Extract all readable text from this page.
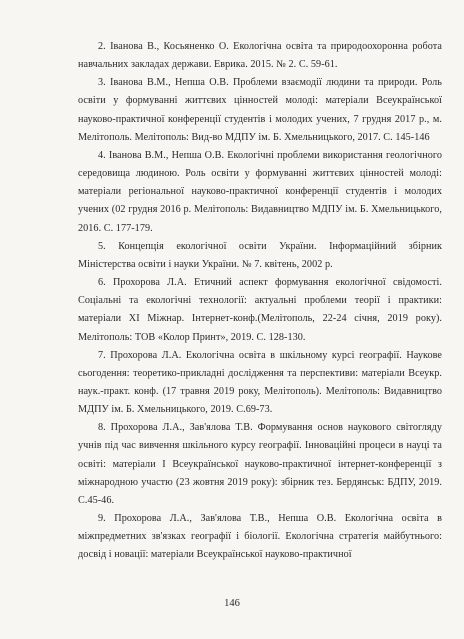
2. Іванова В., Косьяненко О. Екологічна освіта та природоохоронна робота навчальних закладах держави. Еврика. 2015. № 2. С. 59-61.

3. Іванова В.М., Непша О.В. Проблеми взаємодії людини та природи. Роль освіти у формуванні життєвих цінностей молоді: матеріали Всеукраїнської науково-практичної конференції студентів і молодих учених, 7 грудня 2017 р., м. Мелітополь. Мелітополь: Вид-во МДПУ ім. Б. Хмельницького, 2017. С. 145-146

4. Іванова В.М., Непша О.В. Екологічні проблеми використання геологічного середовища людиною. Роль освіти у формуванні життєвих цінностей молоді: матеріали регіональної науково-практичної конференції студентів і молодих учених (02 грудня 2016 р. Мелітополь: Видавництво МДПУ ім. Б. Хмельницького, 2016. С. 177-179.

5. Концепція екологічної освіти України. Інформаційний збірник Міністерства освіти і науки України. № 7. квітень, 2002 р.

6. Прохорова Л.А. Етичний аспект формування екологічної свідомості. Соціальні та екологічні технології: актуальні проблеми теорії і практики: матеріали XI Міжнар. Інтернет-конф.(Мелітополь, 22-24 січня, 2019 року). Мелітополь: ТОВ «Колор Принт», 2019. С. 128-130.

7. Прохорова Л.А. Екологічна освіта в шкільному курсі географії. Наукове сьогодення: теоретико-прикладні дослідження та перспективи: матеріали Всеукр. наук.-практ. конф. (17 травня 2019 року, Мелітополь). Мелітополь: Видавництво МДПУ ім. Б. Хмельницького, 2019. С.69-73.

8. Прохорова Л.А., Зав'ялова Т.В. Формування основ наукового світогляду учнів під час вивчення шкільного курсу географії. Інноваційні процеси в науці та освіті: матеріали І Всеукраїнської науково-практичної інтернет-конференції з міжнародною участю (23 жовтня 2019 року): збірник тез. Бердянськ: БДПУ, 2019. С.45-46.

9. Прохорова Л.А., Зав'ялова Т.В., Непша О.В. Екологічна освіта в міжпредметних зв'язках географії і біології. Екологічна стратегія майбутнього: досвід і новації: матеріали Всеукраїнської науково-практичної

146
